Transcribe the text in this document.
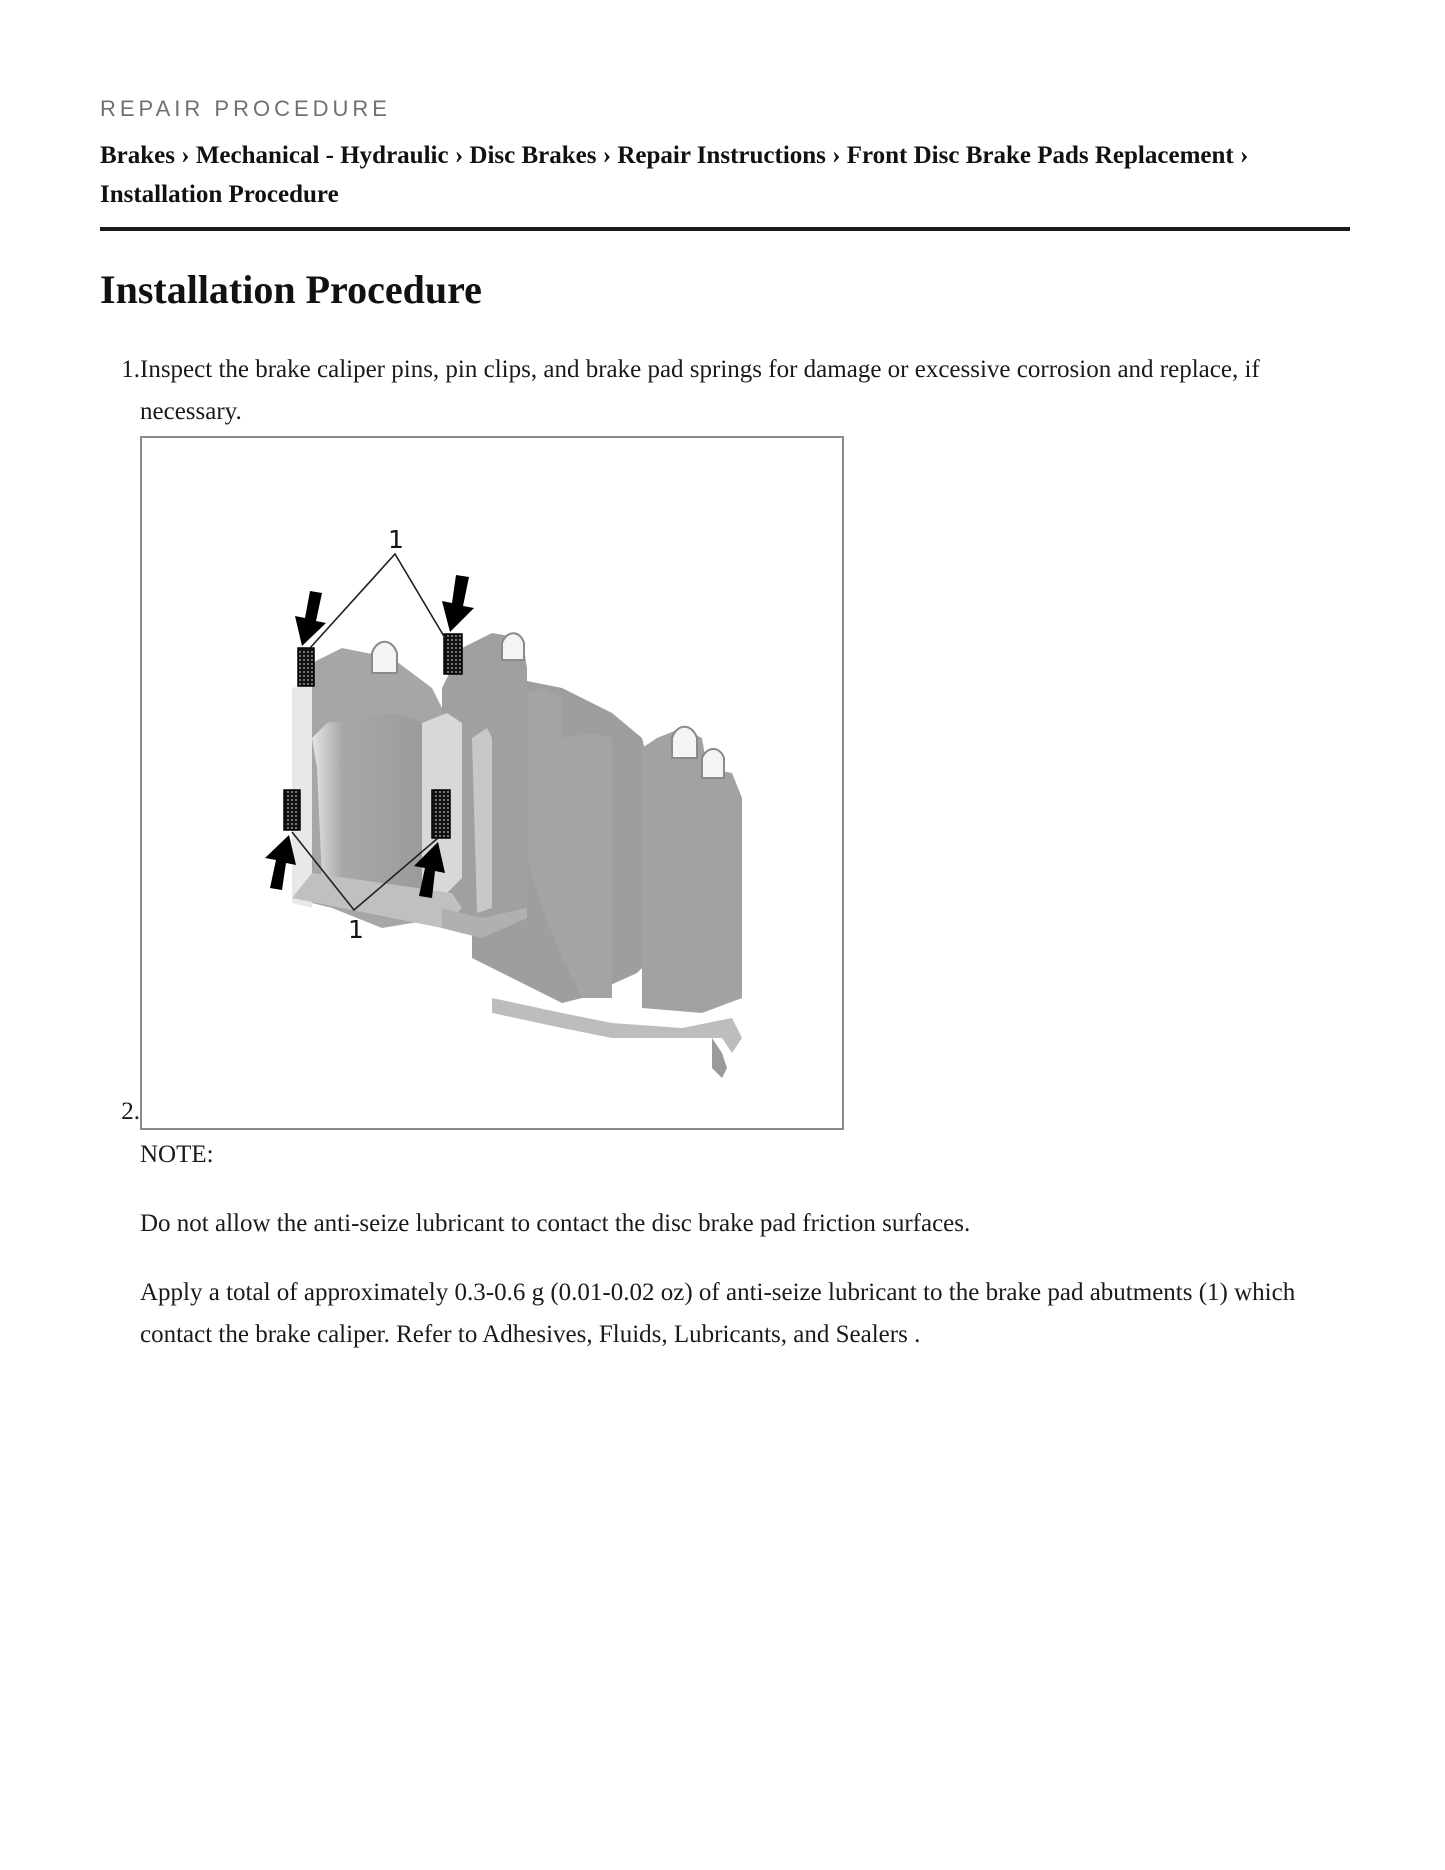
REPAIR PROCEDURE
Brakes › Mechanical - Hydraulic › Disc Brakes › Repair Instructions › Front Disc Brake Pads Replacement › Installation Procedure
Installation Procedure
1. Inspect the brake caliper pins, pin clips, and brake pad springs for damage or excessive corrosion and replace, if necessary.
2.
1
1
NOTE:
Do not allow the anti-seize lubricant to contact the disc brake pad friction surfaces.
Apply a total of approximately 0.3-0.6 g (0.01-0.02 oz) of anti-seize lubricant to the brake pad abutments (1) which contact the brake caliper. Refer to Adhesives, Fluids, Lubricants, and Sealers .
